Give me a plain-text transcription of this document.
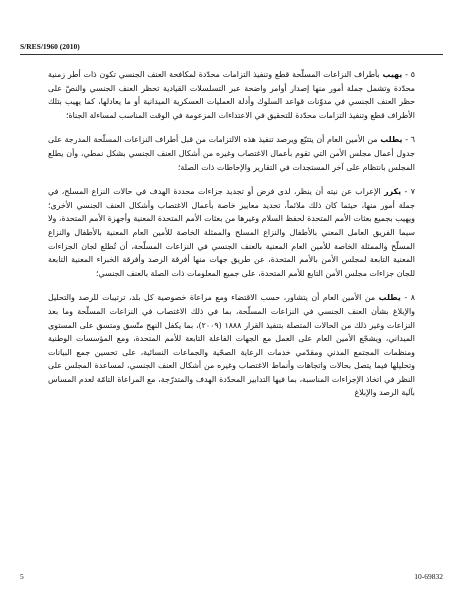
S/RES/1960 (2010)

٥ - يهيب بأطراف النزاعات المسلّحة قطع وتنفيذ التزامات محدّدة لمكافحة العنف الجنسي تكون ذات أطر زمنية محدّدة وتشمل جملة أمور منها إصدار أوامر واضحة عبر التسلسلات القيادية تحظر العنف الجنسي والنصّ على حظر العنف الجنسي في مدوّنات قواعد السلوك وأدلة العمليات العسكرية الميدانية أو ما يعادلها، كما يهيب بتلك الأطراف قطع وتنفيذ التزامات محدّدة للتحقيق في الاعتداءات المزعومة في الوقت المناسب لمساءلة الجناة؛

٦ - يطلب من الأمين العام أن يتتبّع ويرصد تنفيذ هذه الالتزامات من قبل أطراف النزاعات المسلّحة المدرجة على جدول أعمال مجلس الأمن التي تقوم بأعمال الاغتصاب وغيره من أشكال العنف الجنسي بشكل نمطي، وأن يطلع المجلس بانتظام على آخر المستجدات في التقارير والإحاطات ذات الصلة؛

٧ - يكرر الإعراب عن نيته أن ينظر، لدى فرض أو تجديد جزاءات محددة الهدف في حالات النزاع المسلح، في جملة أمور منها، حيثما كان ذلك ملائماً، تحديد معايير خاصة بأعمال الاغتصاب وأشكال العنف الجنسي الأخرى؛ ويهيب بجميع بعثات الأمم المتحدة لحفظ السلام وغيرها من بعثات الأمم المتحدة المعنية وأجهزة الأمم المتحدة، ولا سيما الفريق العامل المعني بالأطفال والنزاع المسلح والممثلة الخاصة للأمين العام المعنية بالأطفال والنزاع المسلّح والممثلة الخاصة للأمين العام المعنية بالعنف الجنسي في النزاعات المسلّحة، أن تُطلع لجان الجزاءات المعنية التابعة لمجلس الأمن بالأمم المتحدة، عن طريق جهات منها أفرقة الرصد وأفرقة الخبراء المعنية التابعة للجان جزاءات مجلس الأمن التابع للأمم المتحدة، على جميع المعلومات ذات الصلة بالعنف الجنسي؛

٨ - يطلب من الأمين العام أن يتشاور، حسب الاقتضاء ومع مراعاة خصوصية كل بلد، ترتيبات للرصد والتحليل والإبلاغ بشأن العنف الجنسي في النزاعات المسلّحة، بما في ذلك الاغتصاب في النزاعات المسلّحة وما بعد النزاعات وغير ذلك من الحالات المتصلة بتنفيذ القرار ١٨٨٨ (٢٠٠٩)، بما يكفل النهج متّسق ومتسق على المستوى الميداني، ويشجّع الأمين العام على العمل مع الجهات الفاعلة التابعة للأمم المتحدة، ومع المؤسسات الوطنية ومنظمات المجتمع المدني ومقدّمي خدمات الرعاية الصحّية والجماعات النسائية، على تحسين جمع البيانات وتحليلها فيما يتصل بحالات واتجاهات وأنماط الاغتصاب وغيره من أشكال العنف الجنسي، لمساعدة المجلس على النظر في اتخاذ الإجراءات المناسبة، بما فيها التدابير المحدّدة الهدف والمتدرّجة، مع المراعاة التامّة لعدم المساس بآلية الرصد والإبلاغ

5	10-69832
